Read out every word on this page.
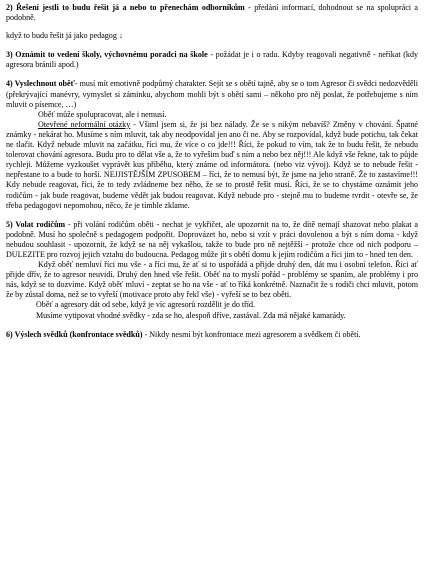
2) Řešení jestli to budu řešit já a nebo to přenechám odborníkům - předání informací, dohodnout se na spolupráci a podobně.

když to budu řešit já jako pedagog ↓

3) Oznámit to vedení školy, výchovnému poradci na škole - požádat je i o radu. Kdyby reagovali negativně - neříkat (kdy agresora bránili apod.)

4) Vyslechnout oběť- musí mít emotivně podpůrný charakter. Sejít se s obětí tajně, aby se o tom Agresor či svědci nedozvěděli (překrývající manévry, vymyslet si záminku, abychom mohli být s obětí sami – někoho pro něj poslat, že potřebujeme s ním mluvit o písemce, …)

Oběť může spolupracovat, ale i nemusí.

Otevřené neformální otázky - Všiml jsem si, že jsi bez nálady. Že se s nikým nebavíš? Změny v chování. Špatné známky - nekárat ho. Musíme s ním mluvit, tak aby neodpovídal jen ano či ne. Aby se rozpovídal, když bude potichu, tak čekat ne tlačit. Když nebude mluvit na začátku, říci mu, že více o co jde!!! Říci, že pokud to vím, tak že to budu řešit, že nebudu tolerovat chování agresora. Budu pro to dělat vše a, že to vyřešim buď s ním a nebo bez něj!!! Ale když vše řekne, tak to půjde rychleji. Můžeme vyzkoušet vyprávět kus příběhu, který známe od informátora. (nebo viz vývoj). Když se to nebude řešit - nepřestane to a bude to horší. NEJJISTĚJŠÍM ZPUSOBEM – říci, že to nemusí být, že jsme na jeho straně. Že to zastavíme!!! Kdy nebude reagovat, říci, že to tedy zvládneme bez něho, že se to prostě řešit musí. Říci, že se to chystáme oznámit jeho rodičům - jak bude reagovat, budeme vědět jak budou reagovat. Když nebude pro - stejně mu to budeme tvrdit - otevře se, že třeba pedagogovi nepomohou, něco, že je tímhle zklame.

5) Volat rodičům - při volání rodičům oběti - nechat je vykřičet, ale upozornit na to, že dítě nemají shazovat nebo plakat a podobně. Musí ho společně s pedagogem podpořit. Doprovázet ho, nebo si vzít v práci dovolenou a být s ním doma - když nebudou souhlasit - upozornit, že když se na něj vykašlou, takže to bude pro ně nejtěžší - protože chce od nich podporu – DULEZITE pro rozvoj jejich vztahu do budoucna. Pedagog může jít s obětí domu k jejím rodičům a říci jim to - hned ten den.

Když oběť nemluví říci mu vše - a říci mu, že ať si to uspořádá a přijde druhý den, dát mu i osobní telefon. Říci ať přijde dřív, že to agresor neuvidí. Druhý den hned vše řešit. Oběť na to myslí pořád - problémy se spaním, ale problémy i pro nás, když se to dozvíme. Když oběť mluví - zeptat se ho na vše - ať to říká konkrétně. Naznačit že s rodiči chci mluvit, potom že by zůstal doma, než se to vyřeší (motivace proto aby řekl vše) - vyřeší se to bez oběti.

Oběť a agresory dát od sebe, když je víc agresorů rozdělit je do tříd.

Musíme vytipovat vhodné svědky - zda se ho, alespoň dříve, zastával. Zda má nějaké kamarády.

6) Výslech svědků (konfrontace svědků) - Nikdy nesmí být konfrontace mezi agresorem a svědkem či obětí.
